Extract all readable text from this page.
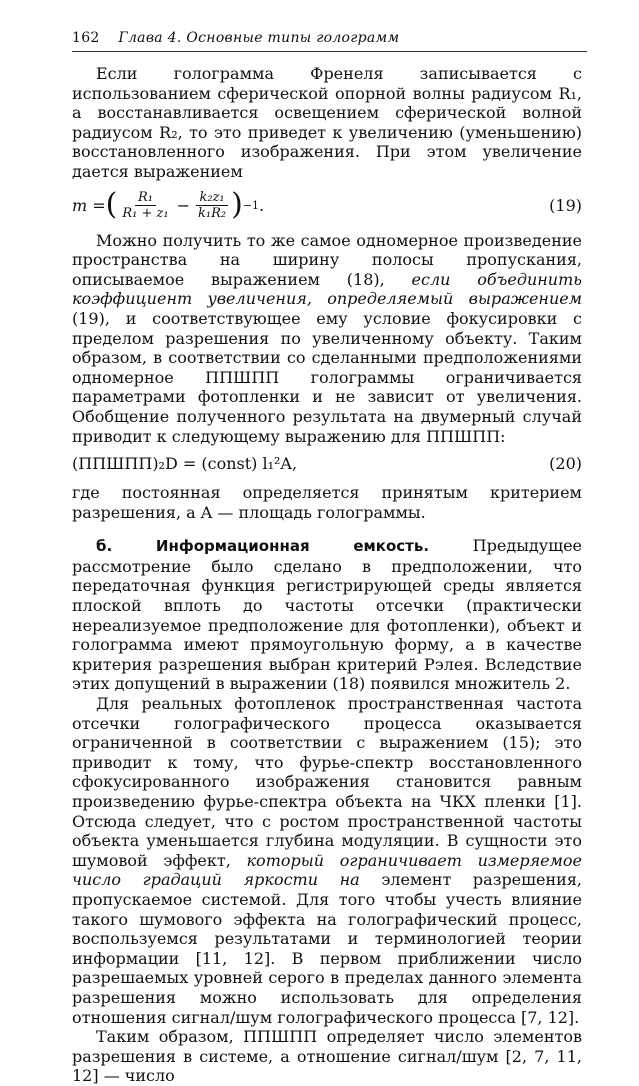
162 Глава 4. Основные типы голограмм

Если голограмма Френеля записывается с использованием сферической опорной волны радиусом R₁, а восстанавливается освещением сферической волной радиусом R₂, то это приведет к увеличению (уменьшению) восстановленного изображения. При этом увеличение дается выражением

m = ( $\frac{\text{R₁}}{\text{R₁ + z₁}} - \frac{\text{k₂z₁}}{\text{k₁R₂}}$ ) −1 .	(19)

Можно получить то же самое одномерное произведение пространства на ширину полосы пропускания, описываемое выражением (18), если объединить коэффициент увеличения, определяемый выражением (19), и соответствующее ему условие фокусировки с пределом разрешения по увеличенному объекту. Таким образом, в соответствии со сделанными предположениями одномерное ППШПП голограммы ограничивается параметрами фотопленки и не зависит от увеличения. Обобщение полученного результата на двумерный случай приводит к следующему выражению для ППШПП:

(ППШПП)₂D = (const) l₁²A,	(20)

где постоянная определяется принятым критерием разрешения, а A — площадь голограммы.

б. Информационная емкость.	Предыдущее рассмотрение было сделано в предположении, что передаточная функция регистрирующей среды является плоской вплоть до частоты отсечки (практически нереализуемое предположение для фотопленки), объект и голограмма имеют прямоугольную форму, а в качестве критерия разрешения выбран критерий Рэлея. Вследствие этих допущений в выражении (18) появился множитель 2.

Для реальных фотопленок пространственная частота отсечки голографического процесса оказывается ограниченной в соответствии с выражением (15); это приводит к тому, что фурье-спектр восстановленного сфокусированного изображения становится равным произведению фурье-спектра объекта на ЧКХ пленки [1]. Отсюда следует, что с ростом пространственной частоты объекта уменьшается глубина модуляции. В сущности это шумовой эффект, который ограничивает измеряемое число градаций яркости на элемент разрешения, пропускаемое системой. Для того чтобы учесть влияние такого шумового эффекта на голографический процесс, воспользуемся результатами и терминологией теории информации [11, 12]. В первом приближении число разрешаемых уровней серого в пределах данного элемента разрешения можно использовать для определения отношения сигнал/шум голографического процесса [7, 12].

Таким образом, ППШПП определяет число элементов разрешения в системе, а отношение сигнал/шум [2, 7, 11, 12] — число
